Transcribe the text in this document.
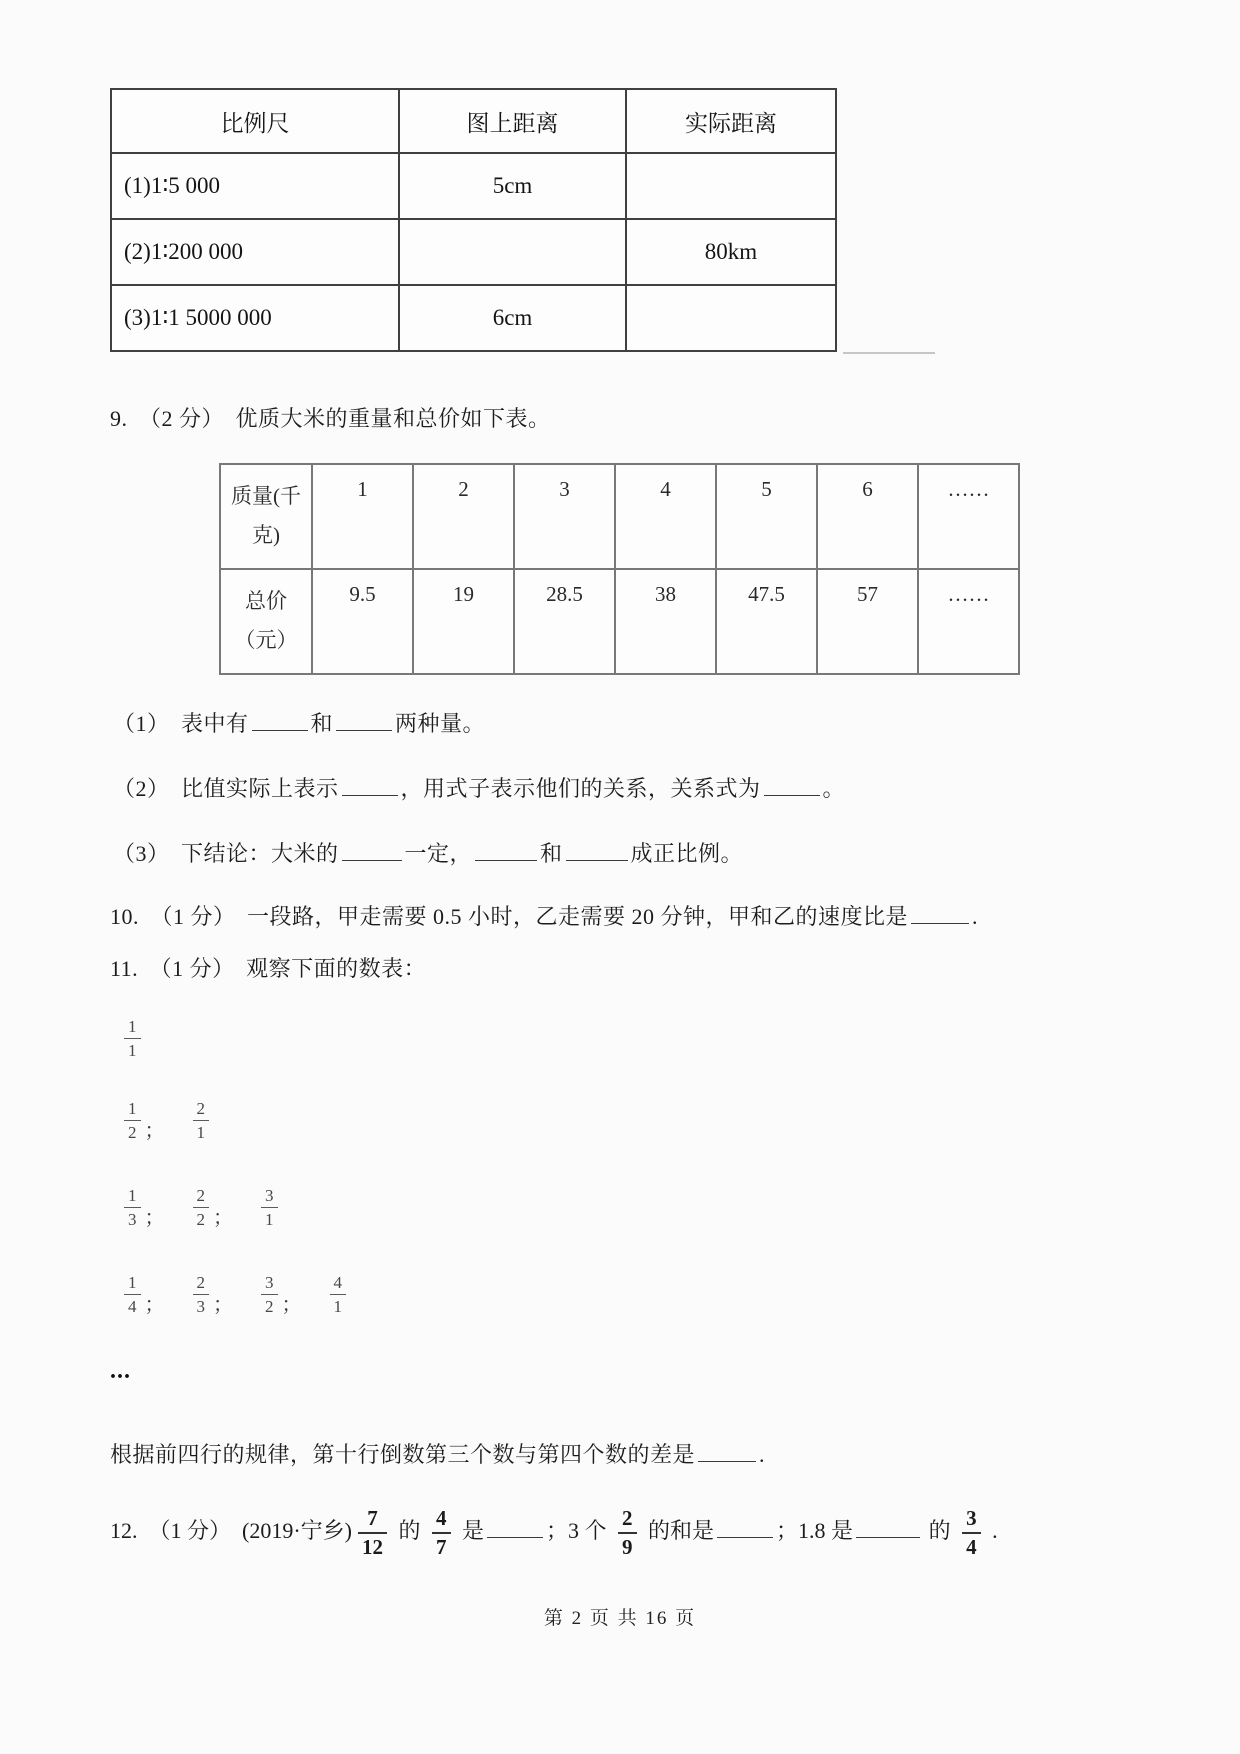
比例尺	图上距离	实际距离
(1)1∶5 000	5cm	
(2)1∶200 000		80km
(3)1∶1 5000 000	6cm	
9.　（2 分）　优质大米的重量和总价如下表。
质量(千
克)	1	2	3	4	5	6	……

总价
（元）	9.5	19	28.5	38	47.5	57	……
（1）　表中有	和	两种量。
（2）　比值实际上表示	，用式子表示他们的关系，关系式为	。
（3）　下结论：大米的	一定，	和	成正比例。
10.　（1 分）　一段路，甲走需要 0.5 小时，乙走需要 20 分钟，甲和乙的速度比是	.
11.　（1 分）　观察下面的数表：
$\frac{1}{1}$
$\frac{1}{2}$ ； $\frac{2}{1}$
$\frac{1}{3}$ ； $\frac{2}{2}$ ； $\frac{3}{1}$
$\frac{1}{4}$ ； $\frac{2}{3}$ ； $\frac{3}{2}$ ； $\frac{4}{1}$
...
根据前四行的规律，第十行倒数第三个数与第四个数的差是	.
12.　（1 分）　(2019·宁乡) $\frac{7}{12}$ 的 $\frac{4}{7}$ 是	；3 个 $\frac{2}{9}$ 的和是	；1.8 是	的 $\frac{3}{4}$ .
第 2 页 共 16 页
